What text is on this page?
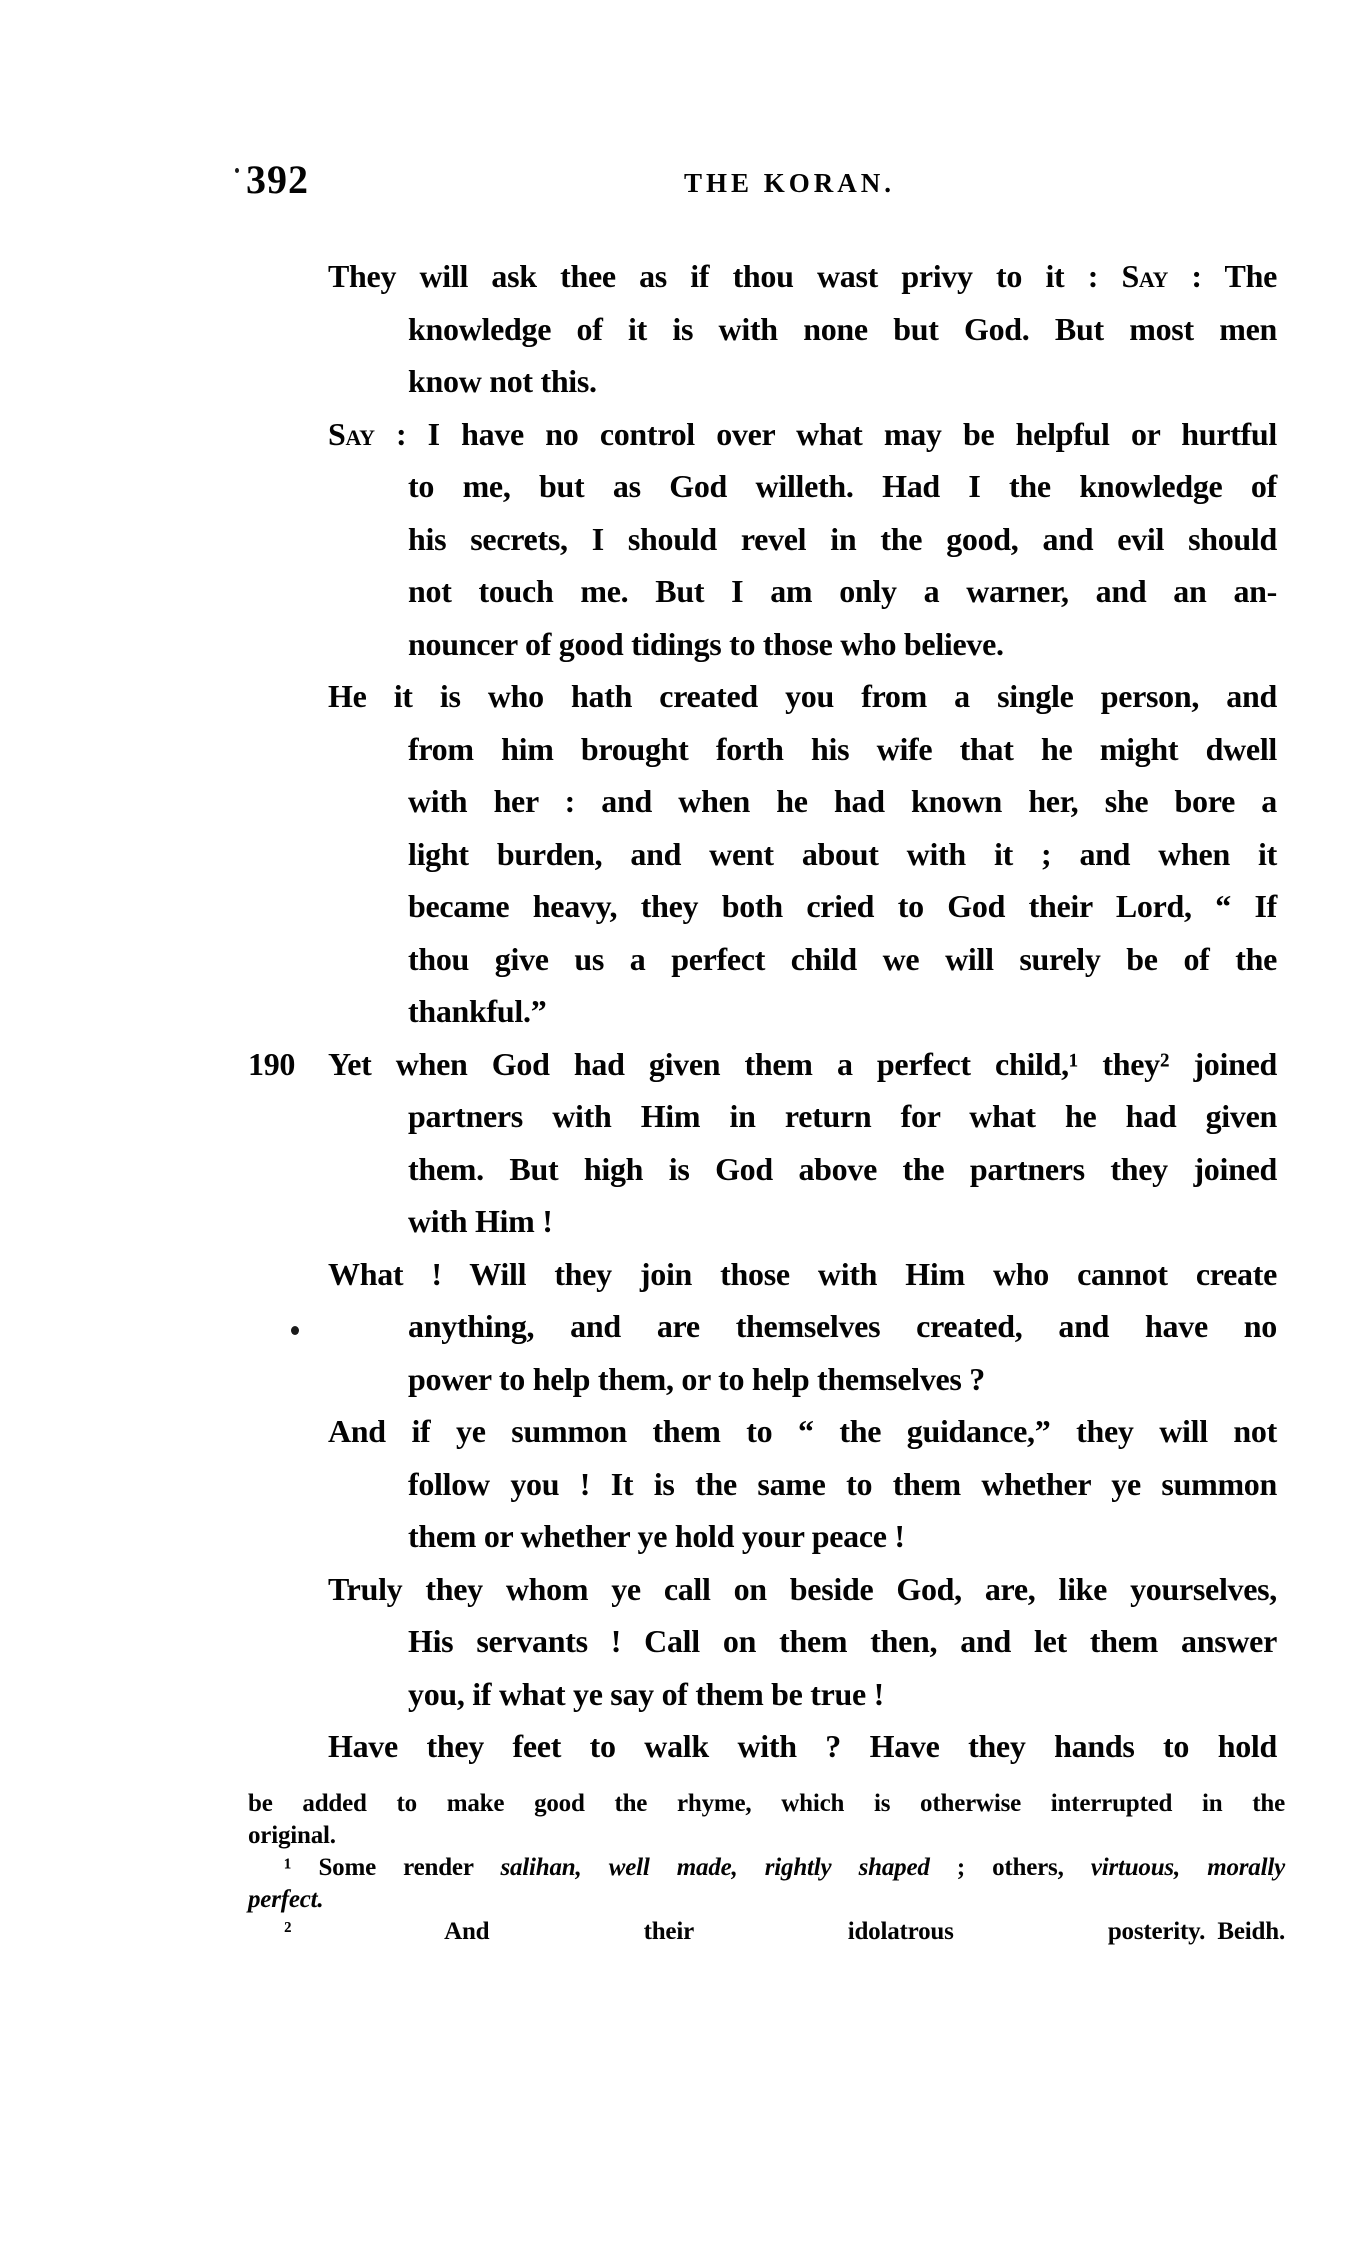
392	THE KORAN.
They will ask thee as if thou wast privy to it : Say : The
knowledge of it is with none but God. But most men
know not this.
Say : I have no control over what may be helpful or hurtful
to me, but as God willeth. Had I the knowledge of
his secrets, I should revel in the good, and evil should
not touch me. But I am only a warner, and an an-
nouncer of good tidings to those who believe.
He it is who hath created you from a single person, and
from him brought forth his wife that he might dwell
with her : and when he had known her, she bore a
light burden, and went about with it ; and when it
became heavy, they both cried to God their Lord, “ If
thou give us a perfect child we will surely be of the
thankful.”
190 Yet when God had given them a perfect child,¹ they² joined
partners with Him in return for what he had given
them. But high is God above the partners they joined
with Him !
What ! Will they join those with Him who cannot create
anything, and are themselves created, and have no
power to help them, or to help themselves ?
And if ye summon them to “ the guidance,” they will not
follow you ! It is the same to them whether ye summon
them or whether ye hold your peace !
Truly they whom ye call on beside God, are, like yourselves,
His servants ! Call on them then, and let them answer
you, if what ye say of them be true !
Have they feet to walk with ? Have they hands to hold
be added to make good the rhyme, which is otherwise interrupted in the
original.
¹ Some render salihan, well made, rightly shaped ; others, virtuous, morally
perfect.
² And their idolatrous posterity. Beidh.
